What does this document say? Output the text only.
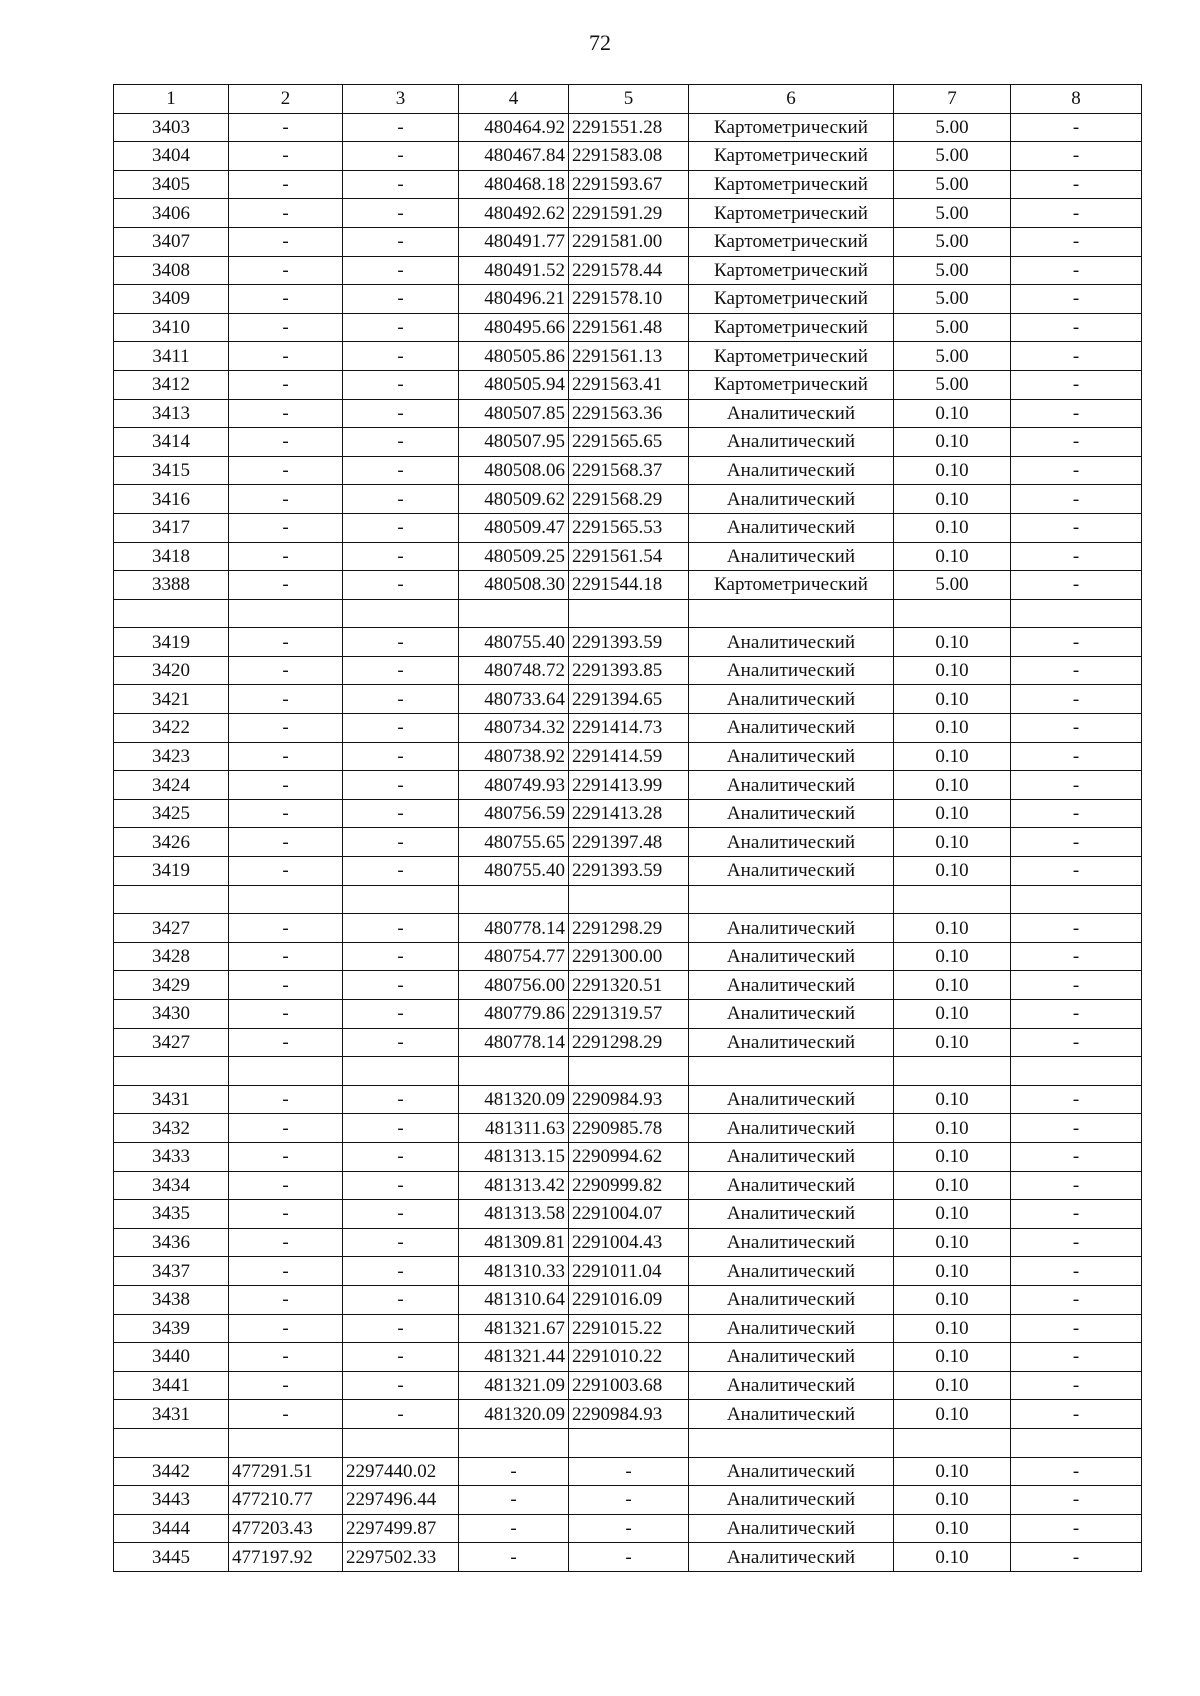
72
1	2	3	4	5	6	7	8
3403	-	-	480464.92	2291551.28	Картометрический	5.00	-
3404	-	-	480467.84	2291583.08	Картометрический	5.00	-
3405	-	-	480468.18	2291593.67	Картометрический	5.00	-
3406	-	-	480492.62	2291591.29	Картометрический	5.00	-
3407	-	-	480491.77	2291581.00	Картометрический	5.00	-
3408	-	-	480491.52	2291578.44	Картометрический	5.00	-
3409	-	-	480496.21	2291578.10	Картометрический	5.00	-
3410	-	-	480495.66	2291561.48	Картометрический	5.00	-
3411	-	-	480505.86	2291561.13	Картометрический	5.00	-
3412	-	-	480505.94	2291563.41	Картометрический	5.00	-
3413	-	-	480507.85	2291563.36	Аналитический	0.10	-
3414	-	-	480507.95	2291565.65	Аналитический	0.10	-
3415	-	-	480508.06	2291568.37	Аналитический	0.10	-
3416	-	-	480509.62	2291568.29	Аналитический	0.10	-
3417	-	-	480509.47	2291565.53	Аналитический	0.10	-
3418	-	-	480509.25	2291561.54	Аналитический	0.10	-
3388	-	-	480508.30	2291544.18	Картометрический	5.00	-

3419	-	-	480755.40	2291393.59	Аналитический	0.10	-
3420	-	-	480748.72	2291393.85	Аналитический	0.10	-
3421	-	-	480733.64	2291394.65	Аналитический	0.10	-
3422	-	-	480734.32	2291414.73	Аналитический	0.10	-
3423	-	-	480738.92	2291414.59	Аналитический	0.10	-
3424	-	-	480749.93	2291413.99	Аналитический	0.10	-
3425	-	-	480756.59	2291413.28	Аналитический	0.10	-
3426	-	-	480755.65	2291397.48	Аналитический	0.10	-
3419	-	-	480755.40	2291393.59	Аналитический	0.10	-

3427	-	-	480778.14	2291298.29	Аналитический	0.10	-
3428	-	-	480754.77	2291300.00	Аналитический	0.10	-
3429	-	-	480756.00	2291320.51	Аналитический	0.10	-
3430	-	-	480779.86	2291319.57	Аналитический	0.10	-
3427	-	-	480778.14	2291298.29	Аналитический	0.10	-

3431	-	-	481320.09	2290984.93	Аналитический	0.10	-
3432	-	-	481311.63	2290985.78	Аналитический	0.10	-
3433	-	-	481313.15	2290994.62	Аналитический	0.10	-
3434	-	-	481313.42	2290999.82	Аналитический	0.10	-
3435	-	-	481313.58	2291004.07	Аналитический	0.10	-
3436	-	-	481309.81	2291004.43	Аналитический	0.10	-
3437	-	-	481310.33	2291011.04	Аналитический	0.10	-
3438	-	-	481310.64	2291016.09	Аналитический	0.10	-
3439	-	-	481321.67	2291015.22	Аналитический	0.10	-
3440	-	-	481321.44	2291010.22	Аналитический	0.10	-
3441	-	-	481321.09	2291003.68	Аналитический	0.10	-
3431	-	-	481320.09	2290984.93	Аналитический	0.10	-

3442	477291.51	2297440.02	-	-	Аналитический	0.10	-
3443	477210.77	2297496.44	-	-	Аналитический	0.10	-
3444	477203.43	2297499.87	-	-	Аналитический	0.10	-
3445	477197.92	2297502.33	-	-	Аналитический	0.10	-
